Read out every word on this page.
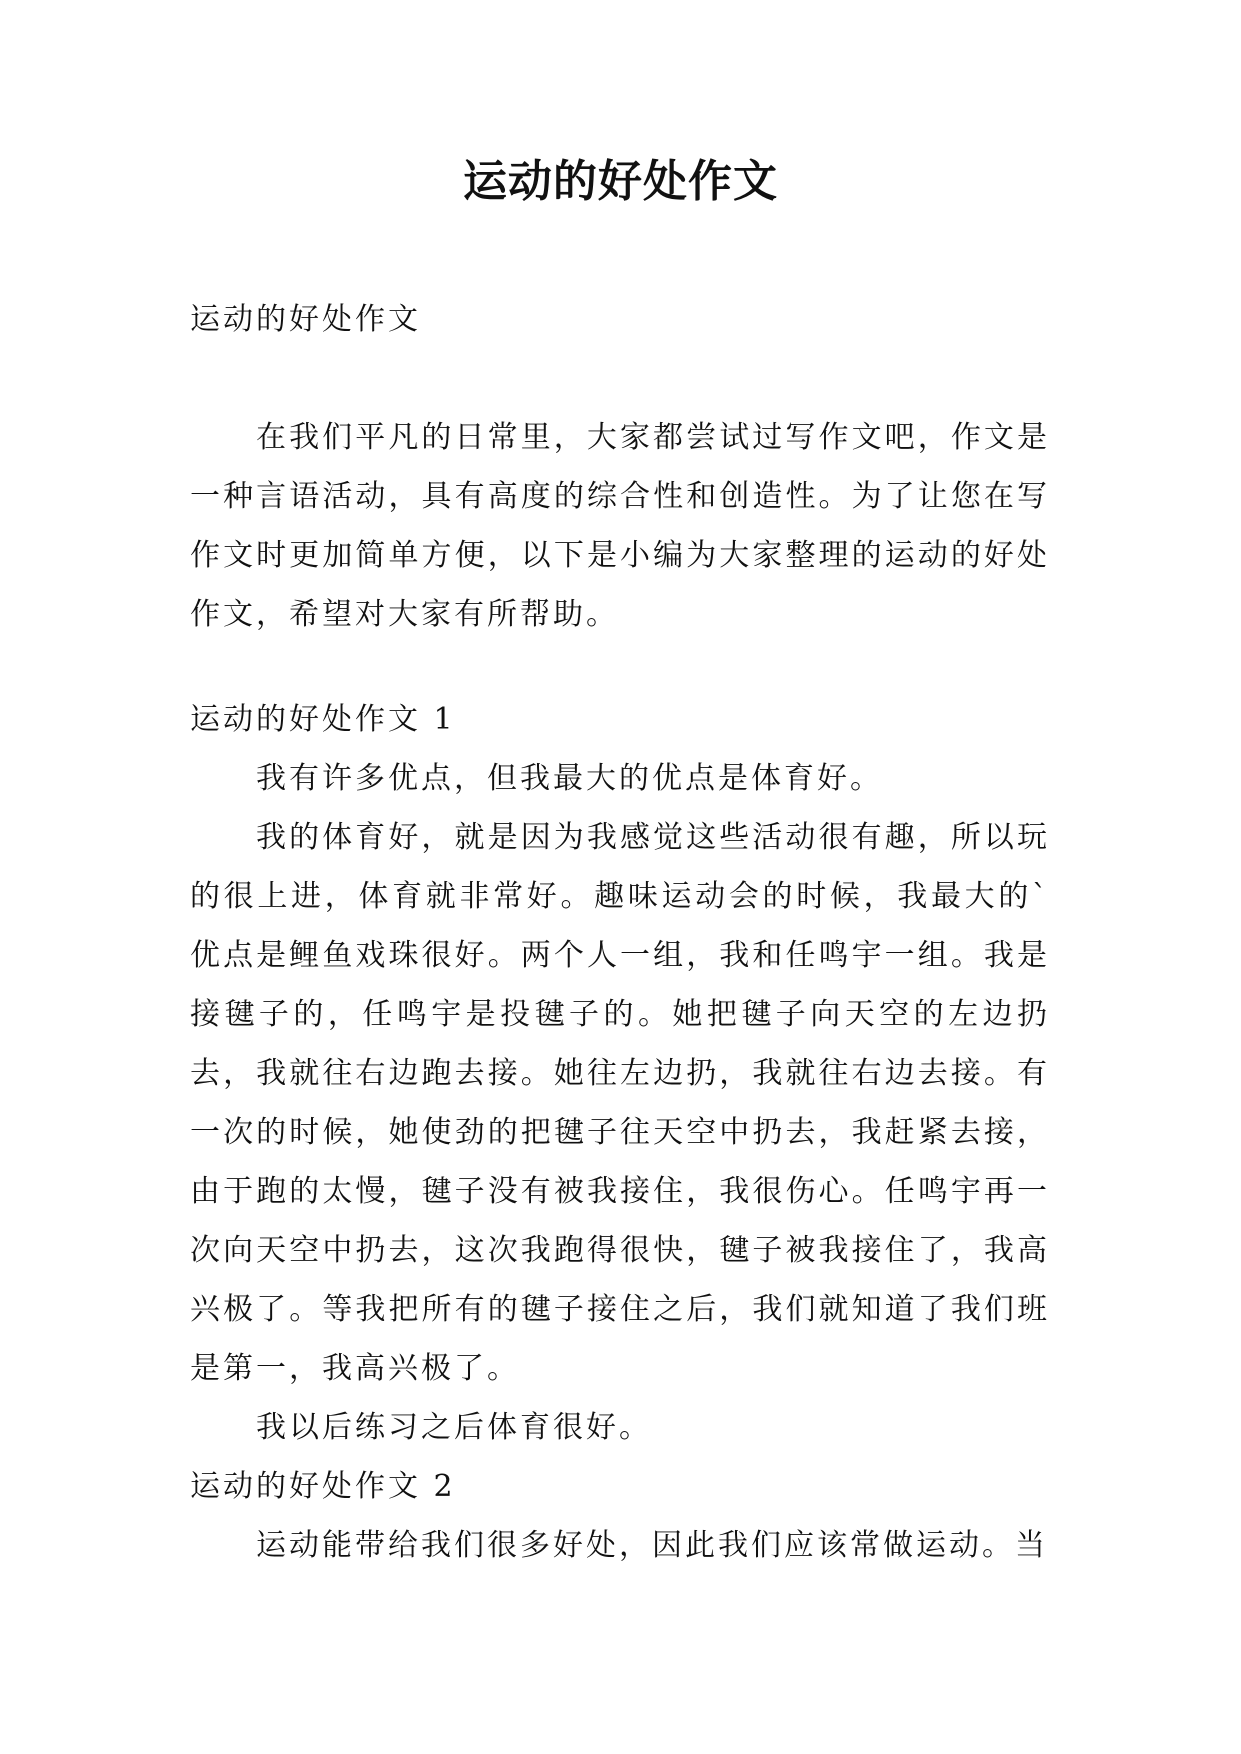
运动的好处作文

运动的好处作文

在我们平凡的日常里，大家都尝试过写作文吧，作文是一种言语活动，具有高度的综合性和创造性。为了让您在写作文时更加简单方便，以下是小编为大家整理的运动的好处作文，希望对大家有所帮助。

运动的好处作文 1

我有许多优点，但我最大的优点是体育好。

我的体育好，就是因为我感觉这些活动很有趣，所以玩的很上进，体育就非常好。趣味运动会的时候，我最大的`优点是鲤鱼戏珠很好。两个人一组，我和任鸣宇一组。我是接毽子的，任鸣宇是投毽子的。她把毽子向天空的左边扔去，我就往右边跑去接。她往左边扔，我就往右边去接。有一次的时候，她使劲的把毽子往天空中扔去，我赶紧去接，由于跑的太慢，毽子没有被我接住，我很伤心。任鸣宇再一次向天空中扔去，这次我跑得很快，毽子被我接住了，我高兴极了。等我把所有的毽子接住之后，我们就知道了我们班是第一，我高兴极了。

我以后练习之后体育很好。

运动的好处作文 2

运动能带给我们很多好处，因此我们应该常做运动。当
